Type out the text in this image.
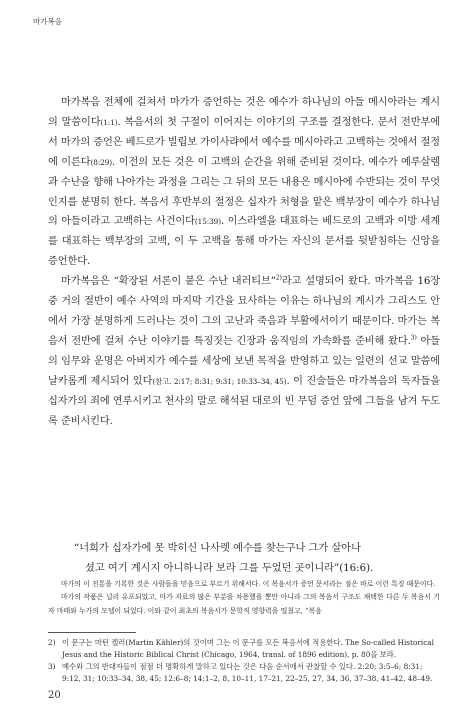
마가복음

마가복음 전체에 걸쳐서 마가가 증언하는 것은 예수가 하나님의 아들 메시아라는 계시의 말씀이다(1:1). 복음서의 첫 구절이 이어지는 이야기의 구조를 결정한다. 문서 전반부에서 마가의 증언은 베드로가 빌립보 가이사랴에서 예수를 메시아라고 고백하는 것에서 절정에 이른다(8:29). 이전의 모든 것은 이 고백의 순간을 위해 준비된 것이다. 예수가 예루살렘과 수난을 향해 나아가는 과정을 그리는 그 뒤의 모든 내용은 메시아에 수반되는 것이 무엇인지를 분명히 한다. 복음서 후반부의 절정은 십자가 처형을 맡은 백부장이 예수가 하나님의 아들이라고 고백하는 사건이다(15:39). 이스라엘을 대표하는 베드로의 고백과 이방 세계를 대표하는 백부장의 고백, 이 두 고백을 통해 마가는 자신의 문서를 뒷받침하는 신앙을 증언한다.

마가복음은 “확장된 서론이 붙은 수난 내러티브”$^{2)}$라고 설명되어 왔다. 마가복음 16장 중 거의 절반이 예수 사역의 마지막 기간을 묘사하는 이유는 하나님의 계시가 그리스도 안에서 가장 분명하게 드러나는 것이 그의 고난과 죽음과 부활에서이기 때문이다. 마가는 복음서 전반에 걸쳐 수난 이야기를 특징짓는 긴장과 움직임의 가속화를 준비해 왔다.$^{3)}$ 아들의 임무와 운명은 아버지가 예수를 세상에 보낸 목적을 반영하고 있는 일련의 선교 말씀에 날카롭게 제시되어 있다(참고. 2:17; 8:31; 9:31; 10:33–34, 45). 이 진술들은 마가복음의 독자들을 십자가의 죄에 연루시키고 천사의 말로 해석된 대로의 빈 무덤 증언 앞에 그들을 남겨 두도록 준비시킨다.

“너희가 십자가에 못 박히신 나사렛 예수를 찾는구나 그가 살아나

셨고 여기 계시지 아니하니라 보라 그를 두었던 곳이니라”(16:6).

마가의 이 전통을 기록한 것은 사람들을 믿음으로 부르기 위해서다. 이 복음서가 증언 문서라는 점은 바로 이런 특징 때문이다.

마가의 작품은 널리 유포되었고, 마가 자료의 많은 부분을 차용했을 뿐만 아니라 그의 복음서 구조도 채택한 다른 두 복음서 기자 마태와 누가의 모델이 되었다. 이와 같이 최초의 복음서가 문학적 영향력을 떨쳤고, “복음

2) 이 문구는 마틴 켈러(Martin Kähler)의 것이며 그는 이 문구를 모든 복음서에 적용한다. The So-called Historical Jesus and the Historic Biblical Christ (Chicago, 1964, transl. of 1896 edition), p. 80을 보라.
3) 예수와 그의 반대자들이 점점 더 명확하게 말하고 있다는 것은 다음 순서에서 관찰할 수 있다. 2:20; 3:5–6; 8:31; 9:12, 31; 10:33–34, 38, 45; 12:6–8; 14:1–2, 8, 10–11, 17–21, 22–25, 27, 34, 36, 37–38, 41–42, 48–49.
20
